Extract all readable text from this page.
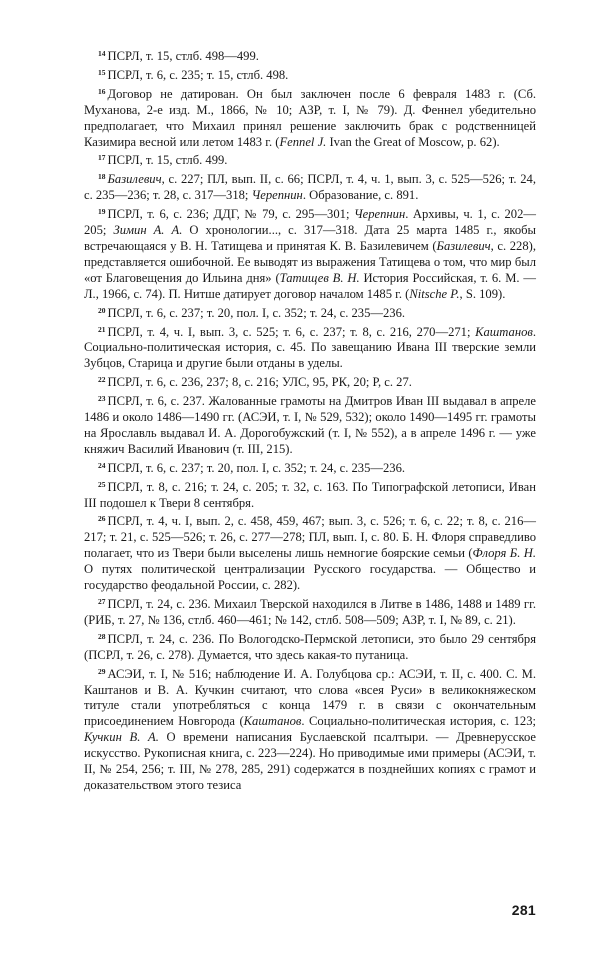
$^{14}$ ПСРЛ, т. 15, стлб. 498—499.

$^{15}$ ПСРЛ, т. 6, с. 235; т. 15, стлб. 498.

$^{16}$ Договор не датирован. Он был заключен после 6 февраля 1483 г. (Сб. Муханова, 2-е изд. М., 1866, № 10; АЗР, т. I, № 79). Д. Феннел убедительно предполагает, что Михаил принял решение заключить брак с родственницей Казимира весной или летом 1483 г. (Fennel J. Ivan the Great of Moscow, p. 62).

$^{17}$ ПСРЛ, т. 15, стлб. 499.

$^{18}$ Базилевич, с. 227; ПЛ, вып. II, с. 66; ПСРЛ, т. 4, ч. 1, вып. 3, с. 525—526; т. 24, с. 235—236; т. 28, с. 317—318; Черепнин. Образование, с. 891.

$^{19}$ ПСРЛ, т. 6, с. 236; ДДГ, № 79, с. 295—301; Черепнин. Архивы, ч. 1, с. 202—205; Зимин А. А. О хронологии..., с. 317—318. Дата 25 марта 1485 г., якобы встречающаяся у В. Н. Татищева и принятая К. В. Базилевичем (Базилевич, с. 228), представляется ошибочной. Ее выводят из выражения Татищева о том, что мир был «от Благовещения до Ильина дня» (Татищев В. Н. История Российская, т. 6. М. — Л., 1966, с. 74). П. Нитше датирует договор началом 1485 г. (Nitsche P., S. 109).

$^{20}$ ПСРЛ, т. 6, с. 237; т. 20, пол. I, с. 352; т. 24, с. 235—236.

$^{21}$ ПСРЛ, т. 4, ч. I, вып. 3, с. 525; т. 6, с. 237; т. 8, с. 216, 270—271; Каштанов. Социально-политическая история, с. 45. По завещанию Ивана III тверские земли Зубцов, Старица и другие были отданы в уделы.

$^{22}$ ПСРЛ, т. 6, с. 236, 237; 8, с. 216; УЛС, 95, РК, 20; Р, с. 27.

$^{23}$ ПСРЛ, т. 6, с. 237. Жалованные грамоты на Дмитров Иван III выдавал в апреле 1486 и около 1486—1490 гг. (АСЭИ, т. I, № 529, 532); около 1490—1495 гг. грамоты на Ярославль выдавал И. А. Дорогобужский (т. I, № 552), а в апреле 1496 г. — уже княжич Василий Иванович (т. III, 215).

$^{24}$ ПСРЛ, т. 6, с. 237; т. 20, пол. I, с. 352; т. 24, с. 235—236.

$^{25}$ ПСРЛ, т. 8, с. 216; т. 24, с. 205; т. 32, с. 163. По Типографской летописи, Иван III подошел к Твери 8 сентября.

$^{26}$ ПСРЛ, т. 4, ч. I, вып. 2, с. 458, 459, 467; вып. 3, с. 526; т. 6, с. 22; т. 8, с. 216—217; т. 21, с. 525—526; т. 26, с. 277—278; ПЛ, вып. I, с. 80. Б. Н. Флоря справедливо полагает, что из Твери были выселены лишь немногие боярские семьи (Флоря Б. Н. О путях политической централизации Русского государства. — Общество и государство феодальной России, с. 282).

$^{27}$ ПСРЛ, т. 24, с. 236. Михаил Тверской находился в Литве в 1486, 1488 и 1489 гг. (РИБ, т. 27, № 136, стлб. 460—461; № 142, стлб. 508—509; АЗР, т. I, № 89, с. 21).

$^{28}$ ПСРЛ, т. 24, с. 236. По Вологодско-Пермской летописи, это было 29 сентября (ПСРЛ, т. 26, с. 278). Думается, что здесь какая-то путаница.

$^{29}$ АСЭИ, т. I, № 516; наблюдение И. А. Голубцова ср.: АСЭИ, т. II, с. 400. С. М. Каштанов и В. А. Кучкин считают, что слова «всея Руси» в великокняжеском титуле стали употребляться с конца 1479 г. в связи с окончательным присоединением Новгорода (Каштанов. Социально-политическая история, с. 123; Кучкин В. А. О времени написания Буслаевской псалтыри. — Древнерусское искусство. Рукописная книга, с. 223—224). Но приводимые ими примеры (АСЭИ, т. II, № 254, 256; т. III, № 278, 285, 291) содержатся в позднейших копиях с грамот и доказательством этого тезиса

281
